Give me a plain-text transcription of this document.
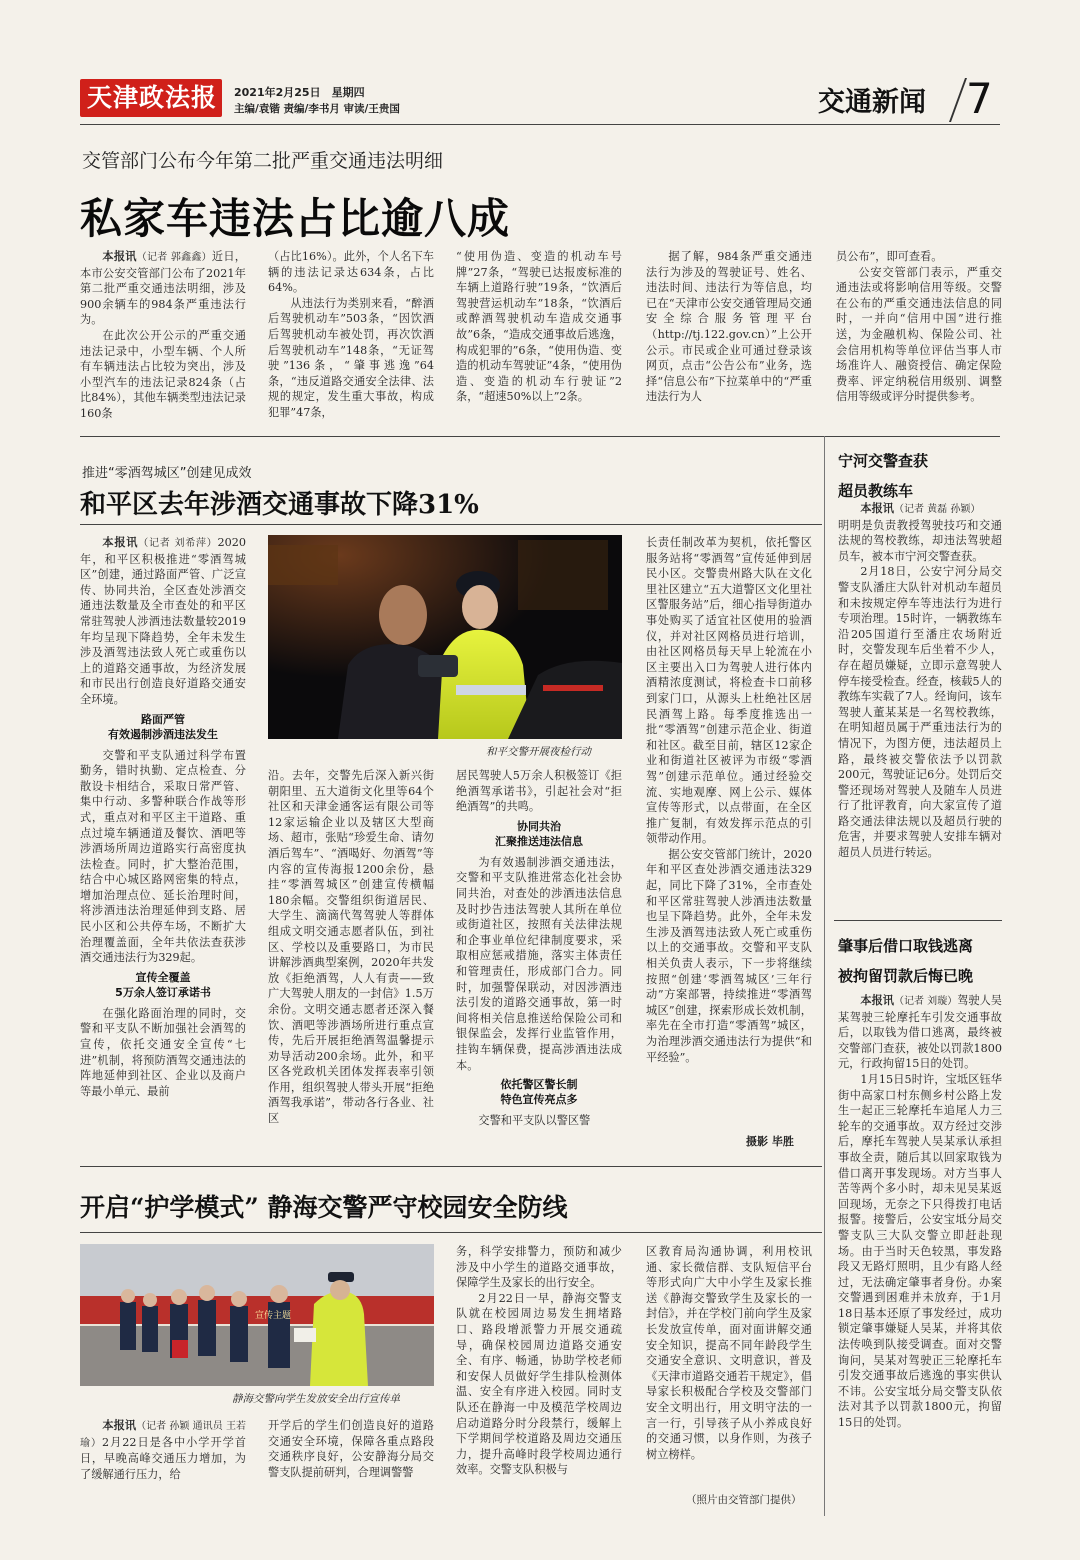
天津政法报	2021年2月25日　星期四
主编/袁锴 责编/李书月 审读/王贵国	交通新闻 7
交管部门公布今年第二批严重交通违法明细
私家车违法占比逾八成

本报讯（记者 郭鑫鑫）近日，本市公安交管部门公布了2021年第二批严重交通违法明细，涉及900余辆车的984条严重违法行为。

在此次公开公示的严重交通违法记录中，小型车辆、个人所有车辆违法占比较为突出，涉及小型汽车的违法记录824条（占比84%），其他车辆类型违法记录160条

（占比16%）。此外，个人名下车辆的违法记录达634条，占比64%。

从违法行为类别来看，“醉酒后驾驶机动车”503条，“因饮酒后驾驶机动车被处罚，再次饮酒后驾驶机动车”148条，“无证驾驶”136条，“肇事逃逸”64条，“违反道路交通安全法律、法规的规定，发生重大事故，构成犯罪”47条，

“使用伪造、变造的机动车号牌”27条，“驾驶已达报废标准的车辆上道路行驶”19条，“饮酒后驾驶营运机动车”18条，“饮酒后或醉酒驾驶机动车造成交通事故”6条，“造成交通事故后逃逸，构成犯罪的”6条，“使用伪造、变造的机动车驾驶证”4条，“使用伪造、变造的机动车行驶证”2条，“超速50%以上”2条。

据了解，984条严重交通违法行为涉及的驾驶证号、姓名、违法时间、违法行为等信息，均已在“天津市公安交通管理局交通安全综合服务管理平台（http://tj.122.gov.cn）”上公开公示。市民或企业可通过登录该网页，点击“公告公布”业务，选择“信息公布”下拉菜单中的“严重违法行为人

员公布”，即可查看。

公安交管部门表示，严重交通违法或将影响信用等级。交警在公布的严重交通违法信息的同时，一并向“信用中国”进行推送，为金融机构、保险公司、社会信用机构等单位评估当事人市场准许人、融资授信、确定保险费率、评定纳税信用级别、调整信用等级或评分时提供参考。

推进“零酒驾城区”创建见成效
和平区去年涉酒交通事故下降31%

本报讯（记者 刘希萍）2020年，和平区积极推进“零酒驾城区”创建，通过路面严管、广泛宣传、协同共治，全区查处涉酒交通违法数量及全市查处的和平区常驻驾驶人涉酒违法数量较2019年均呈现下降趋势，全年未发生涉及酒驾违法致人死亡或重伤以上的道路交通事故，为经济发展和市民出行创造良好道路交通安全环境。

路面严管
有效遏制涉酒违法发生

交警和平支队通过科学布置勤务，错时执勤、定点检查、分散设卡相结合，采取日常严管、集中行动、多警种联合作战等形式，重点对和平区主干道路、重点过境车辆通道及餐饮、酒吧等涉酒场所周边道路实行高密度执法检查。同时，扩大整治范围，结合中心城区路网密集的特点，增加治理点位、延长治理时间，将涉酒违法治理延伸到支路、居民小区和公共停车场，不断扩大治理覆盖面，全年共依法查获涉酒交通违法行为329起。

宣传全覆盖
5万余人签订承诺书

在强化路面治理的同时，交警和平支队不断加强社会酒驾的宣传，依托交通安全宣传“七进”机制，将预防酒驾交通违法的阵地延伸到社区、企业以及商户等最小单元、最前

和平交警开展夜检行动

沿。去年，交警先后深入新兴街朝阳里、五大道街文化里等64个社区和天津金通客运有限公司等12家运输企业以及辖区大型商场、超市，张贴“珍爱生命、请勿酒后驾车”、“酒喝好、勿酒驾”等内容的宣传海报1200余份，悬挂“零酒驾城区”创建宣传横幅180余幅。交警组织街道居民、大学生、滴滴代驾驾驶人等群体组成文明交通志愿者队伍，到社区、学校以及重要路口，为市民讲解涉酒典型案例，2020年共发放《拒绝酒驾，人人有责——致广大驾驶人朋友的一封信》1.5万余份。文明交通志愿者还深入餐饮、酒吧等涉酒场所进行重点宣传，先后开展拒绝酒驾温馨提示劝导活动200余场。此外，和平区各党政机关团体发挥表率引领作用，组织驾驶人带头开展“拒绝酒驾我承诺”，带动各行各业、社区

居民驾驶人5万余人积极签订《拒绝酒驾承诺书》，引起社会对“拒绝酒驾”的共鸣。

协同共治
汇聚推送违法信息

为有效遏制涉酒交通违法，交警和平支队推进常态化社会协同共治，对查处的涉酒违法信息及时抄告违法驾驶人其所在单位或街道社区，按照有关法律法规和企事业单位纪律制度要求，采取相应惩戒措施，落实主体责任和管理责任，形成部门合力。同时，加强警保联动，对因涉酒违法引发的道路交通事故，第一时间将相关信息推送给保险公司和银保监会，发挥行业监管作用，挂钩车辆保费，提高涉酒违法成本。

依托警区警长制
特色宣传亮点多

交警和平支队以警区警

长责任制改革为契机，依托警区服务站将“零酒驾”宣传延伸到居民小区。交警贵州路大队在文化里社区建立“五大道警区文化里社区警服务站”后，细心指导街道办事处购买了适宜社区使用的验酒仪，并对社区网格员进行培训，由社区网格员每天早上轮流在小区主要出入口为驾驶人进行体内酒精浓度测试，将检查卡口前移到家门口，从源头上杜绝社区居民酒驾上路。每季度推选出一批“零酒驾”创建示范企业、街道和社区。截至目前，辖区12家企业和街道社区被评为市级“零酒驾”创建示范单位。通过经验交流、实地观摩、网上公示、媒体宣传等形式，以点带面，在全区推广复制，有效发挥示范点的引领带动作用。

据公安交管部门统计，2020年和平区查处涉酒交通违法329起，同比下降了31%，全市查处和平区常驻驾驶人涉酒违法数量也呈下降趋势。此外，全年未发生涉及酒驾违法致人死亡或重伤以上的交通事故。交警和平支队相关负责人表示，下一步将继续按照“创建‘零酒驾城区’三年行动”方案部署，持续推进“零酒驾城区”创建，探索形成长效机制，率先在全市打造“零酒驾”城区，为治理涉酒交通违法行为提供“和平经验”。

摄影 毕胜
宁河交警查获
超员教练车

本报讯（记者 黄磊 孙颖）

明明是负责教授驾驶技巧和交通法规的驾校教练，却违法驾驶超员车，被本市宁河交警查获。

2月18日，公安宁河分局交警支队潘庄大队针对机动车超员和未按规定停车等违法行为进行专项治理。15时许，一辆教练车沿205国道行至潘庄农场附近时，交警发现车后坐着不少人，存在超员嫌疑，立即示意驾驶人停车接受检查。经查，核载5人的教练车实载了7人。经询问，该车驾驶人董某某是一名驾校教练，在明知超员属于严重违法行为的情况下，为图方便，违法超员上路，最终被交警依法予以罚款200元，驾驶证记6分。处罚后交警还现场对驾驶人及随车人员进行了批评教育，向大家宣传了道路交通法律法规以及超员行驶的危害，并要求驾驶人安排车辆对超员人员进行转运。

肇事后借口取钱逃离
被拘留罚款后悔已晚

本报讯（记者 刘璇）驾驶人吴某驾驶三轮摩托车引发交通事故后，以取钱为借口逃离，最终被交警部门查获，被处以罚款1800元，行政拘留15日的处罚。

1月15日5时许，宝坻区钰华街中高家口村东侧乡村公路上发生一起正三轮摩托车追尾人力三轮车的交通事故。双方经过交涉后，摩托车驾驶人吴某承认承担事故全责，随后其以回家取钱为借口离开事发现场。对方当事人苦等两个多小时，却未见吴某返回现场，无奈之下只得拨打电话报警。接警后，公安宝坻分局交警支队三大队交警立即赶赴现场。由于当时天色较黑，事发路段又无路灯照明，且少有路人经过，无法确定肇事者身份。办案交警遇到困难并未放弃，于1月18日基本还原了事发经过，成功锁定肇事嫌疑人吴某，并将其依法传唤到队接受调查。面对交警询问，吴某对驾驶正三轮摩托车引发交通事故后逃逸的事实供认不讳。公安宝坻分局交警支队依法对其予以罚款1800元，拘留15日的处罚。

开启“护学模式” 静海交警严守校园安全防线
宣传主题
静海交警向学生发放安全出行宣传单

本报讯（记者 孙颖 通讯员 王若瑜）2月22日是各中小学开学首日，早晚高峰交通压力增加，为了缓解通行压力，给

开学后的学生们创造良好的道路交通安全环境，保障各重点路段交通秩序良好，公安静海分局交警支队提前研判，合理调警警

务，科学安排警力，预防和减少涉及中小学生的道路交通事故，保障学生及家长的出行安全。

2月22日一早，静海交警支队就在校园周边易发生拥堵路口、路段增派警力开展交通疏导，确保校园周边道路交通安全、有序、畅通，协助学校老师和安保人员做好学生排队检测体温、安全有序进入校园。同时支队还在静海一中及模范学校周边启动道路分时分段禁行，缓解上下学期间学校道路及周边交通压力，提升高峰时段学校周边通行效率。交警支队积极与

区教育局沟通协调，利用校讯通、家长微信群、支队短信平台等形式向广大中小学生及家长推送《静海交警致学生及家长的一封信》，并在学校门前向学生及家长发放宣传单，面对面讲解交通安全知识，提高不同年龄段学生交通安全意识、文明意识，普及《天津市道路交通若干规定》，倡导家长积极配合学校及交警部门安全文明出行，用文明守法的一言一行，引导孩子从小养成良好的交通习惯，以身作则，为孩子树立榜样。

（照片由交管部门提供）
